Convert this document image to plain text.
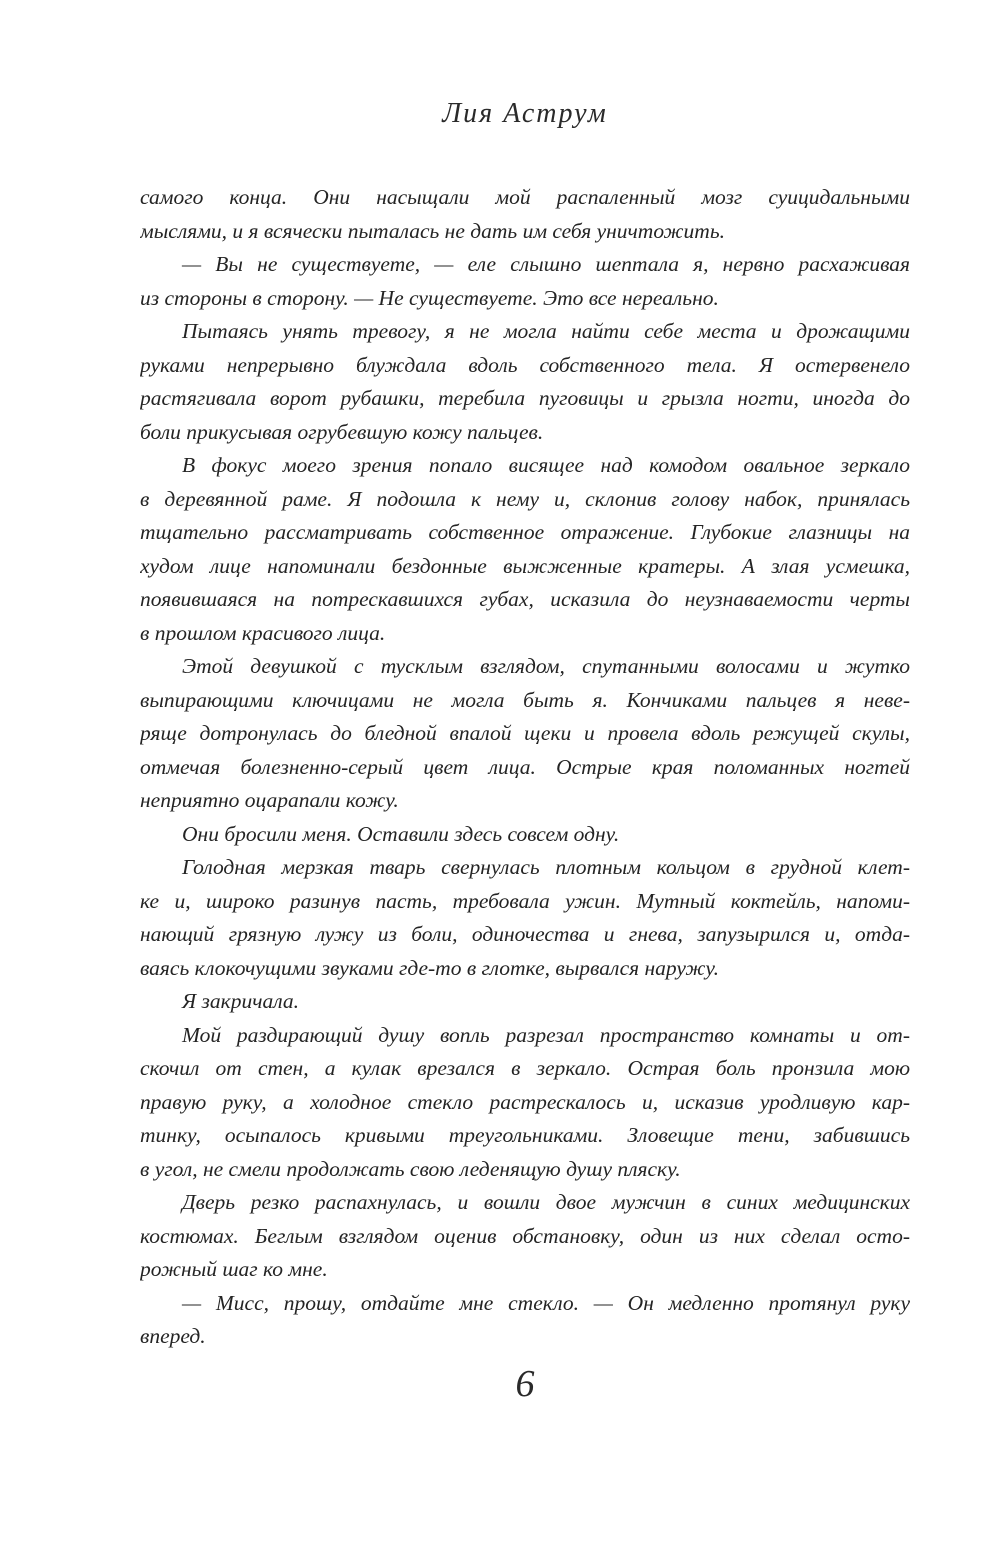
Лия Аструм
самого конца. Они насыщали мой распаленный мозг суицидальными
мыслями, и я всячески пыталась не дать им себя уничтожить.
— Вы не существуете, — еле слышно шептала я, нервно расхаживая
из стороны в сторону. — Не существуете. Это все нереально.
Пытаясь унять тревогу, я не могла найти себе места и дрожащими
руками непрерывно блуждала вдоль собственного тела. Я остервенело
растягивала ворот рубашки, теребила пуговицы и грызла ногти, иногда до
боли прикусывая огрубевшую кожу пальцев.
В фокус моего зрения попало висящее над комодом овальное зеркало
в деревянной раме. Я подошла к нему и, склонив голову набок, принялась
тщательно рассматривать собственное отражение. Глубокие глазницы на
худом лице напоминали бездонные выжженные кратеры. А злая усмешка,
появившаяся на потрескавшихся губах, исказила до неузнаваемости черты
в прошлом красивого лица.
Этой девушкой с тусклым взглядом, спутанными волосами и жутко
выпирающими ключицами не могла быть я. Кончиками пальцев я неве-
ряще дотронулась до бледной впалой щеки и провела вдоль режущей скулы,
отмечая болезненно-серый цвет лица. Острые края поломанных ногтей
неприятно оцарапали кожу.
Они бросили меня. Оставили здесь совсем одну.
Голодная мерзкая тварь свернулась плотным кольцом в грудной клет-
ке и, широко разинув пасть, требовала ужин. Мутный коктейль, напоми-
нающий грязную лужу из боли, одиночества и гнева, запузырился и, отда-
ваясь клокочущими звуками где-то в глотке, вырвался наружу.
Я закричала.
Мой раздирающий душу вопль разрезал пространство комнаты и от-
скочил от стен, а кулак врезался в зеркало. Острая боль пронзила мою
правую руку, а холодное стекло растрескалось и, исказив уродливую кар-
тинку, осыпалось кривыми треугольниками. Зловещие тени, забившись
в угол, не смели продолжать свою леденящую душу пляску.
Дверь резко распахнулась, и вошли двое мужчин в синих медицинских
костюмах. Беглым взглядом оценив обстановку, один из них сделал осто-
рожный шаг ко мне.
— Мисс, прошу, отдайте мне стекло. — Он медленно протянул руку
вперед.
6
